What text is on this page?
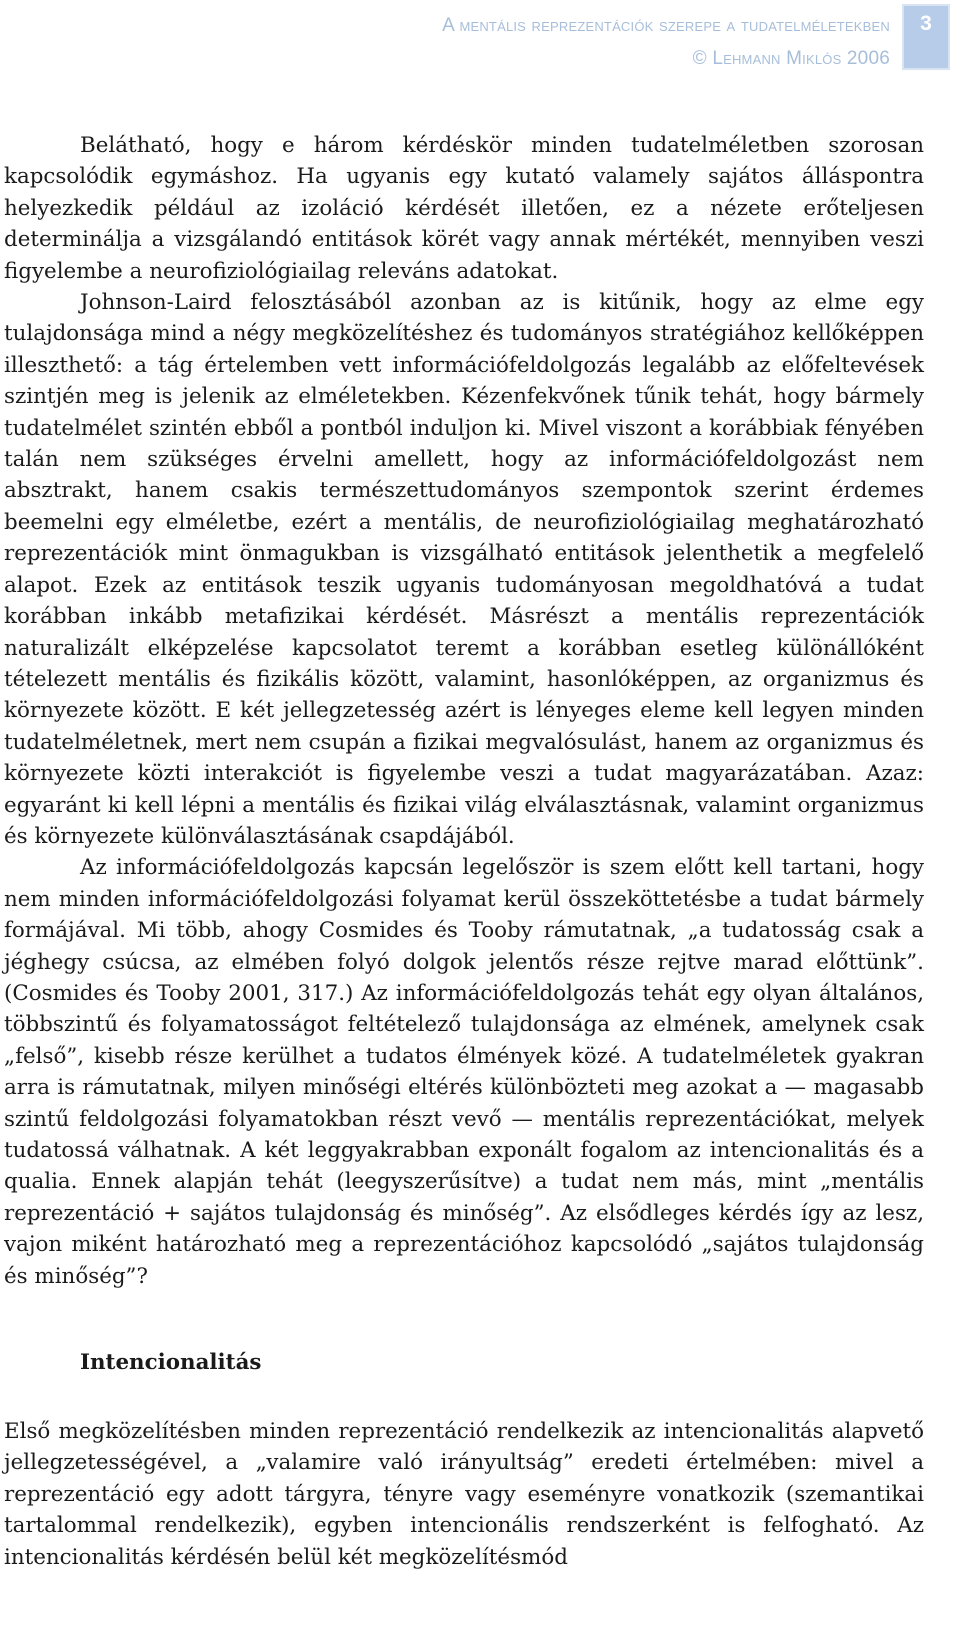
A mentális reprezentációk szerepe a tudatelméletekben
© Lehmann Miklós 2006
3

Belátható, hogy e három kérdéskör minden tudatelméletben szorosan kapcsolódik egymáshoz. Ha ugyanis egy kutató valamely sajátos álláspontra helyezkedik például az izoláció kérdését illetően, ez a nézete erőteljesen determinálja a vizsgálandó entitások körét vagy annak mértékét, mennyiben veszi figyelembe a neurofiziológiailag releváns adatokat.

Johnson-Laird felosztásából azonban az is kitűnik, hogy az elme egy tulajdonsága mind a négy megközelítéshez és tudományos stratégiához kellőképpen illeszthető: a tág értelemben vett információfeldolgozás legalább az előfeltevések szintjén meg is jelenik az elméletekben. Kézenfekvőnek tűnik tehát, hogy bármely tudatelmélet szintén ebből a pontból induljon ki. Mivel viszont a korábbiak fényében talán nem szükséges érvelni amellett, hogy az információfeldolgozást nem absztrakt, hanem csakis természettudományos szempontok szerint érdemes beemelni egy elméletbe, ezért a mentális, de neurofiziológiailag meghatározható reprezentációk mint önmagukban is vizsgálható entitások jelenthetik a megfelelő alapot. Ezek az entitások teszik ugyanis tudományosan megoldhatóvá a tudat korábban inkább metafizikai kérdését. Másrészt a mentális reprezentációk naturalizált elképzelése kapcsolatot teremt a korábban esetleg különállóként tételezett mentális és fizikális között, valamint, hasonlóképpen, az organizmus és környezete között. E két jellegzetesség azért is lényeges eleme kell legyen minden tudatelméletnek, mert nem csupán a fizikai megvalósulást, hanem az organizmus és környezete közti interakciót is figyelembe veszi a tudat magyarázatában. Azaz: egyaránt ki kell lépni a mentális és fizikai világ elválasztásnak, valamint organizmus és környezete különválasztásának csapdájából.

Az információfeldolgozás kapcsán legelőször is szem előtt kell tartani, hogy nem minden információfeldolgozási folyamat kerül összeköttetésbe a tudat bármely formájával. Mi több, ahogy Cosmides és Tooby rámutatnak, „a tudatosság csak a jéghegy csúcsa, az elmében folyó dolgok jelentős része rejtve marad előttünk”. (Cosmides és Tooby 2001, 317.) Az információfeldolgozás tehát egy olyan általános, többszintű és folyamatosságot feltételező tulajdonsága az elmének, amelynek csak „felső”, kisebb része kerülhet a tudatos élmények közé. A tudatelméletek gyakran arra is rámutatnak, milyen minőségi eltérés különbözteti meg azokat a — magasabb szintű feldolgozási folyamatokban részt vevő — mentális reprezentációkat, melyek tudatossá válhatnak. A két leggyakrabban exponált fogalom az intencionalitás és a qualia. Ennek alapján tehát (leegyszerűsítve) a tudat nem más, mint „mentális reprezentáció + sajátos tulajdonság és minőség”. Az elsődleges kérdés így az lesz, vajon miként határozható meg a reprezentációhoz kapcsolódó „sajátos tulajdonság és minőség”?

Intencionalitás

Első megközelítésben minden reprezentáció rendelkezik az intencionalitás alapvető jellegzetességével, a „valamire való irányultság” eredeti értelmében: mivel a reprezentáció egy adott tárgyra, tényre vagy eseményre vonatkozik (szemantikai tartalommal rendelkezik), egyben intencionális rendszerként is felfogható. Az intencionalitás kérdésén belül két megközelítésmód
